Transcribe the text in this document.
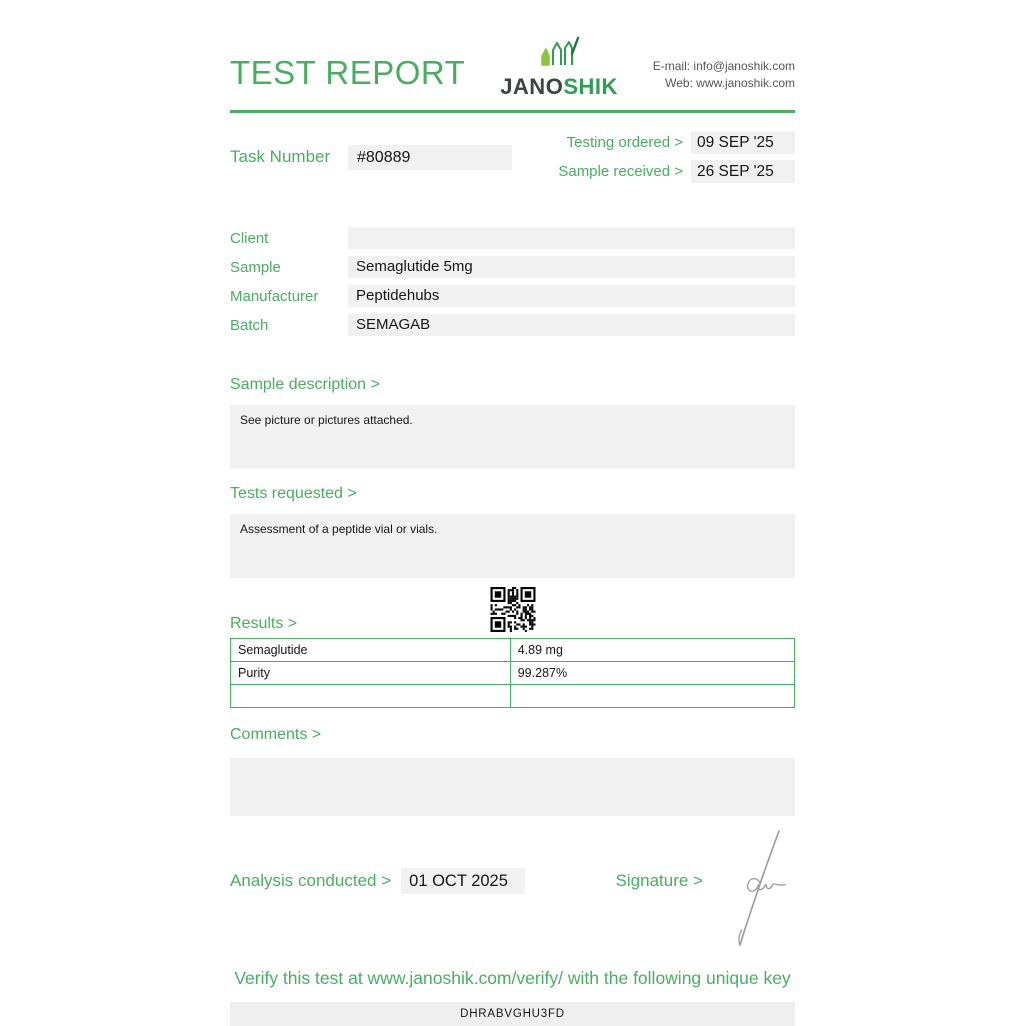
TEST REPORT JANOSHIK
E-mail: info@janoshik.com
Web: www.janoshik.com
Task Number	#80889
Testing ordered > 09 SEP '25
Sample received > 26 SEP '25
Client
Sample	Semaglutide 5mg
Manufacturer	Peptidehubs
Batch	SEMAGAB
Sample description >
See picture or pictures attached.
Tests requested >
Assessment of a peptide vial or vials.
Results >
Semaglutide	4.89 mg
Purity	99.287%

Comments >
Analysis conducted >	01 OCT 2025	Signature >
Verify this test at www.janoshik.com/verify/ with the following unique key
DHRABVGHU3FD
